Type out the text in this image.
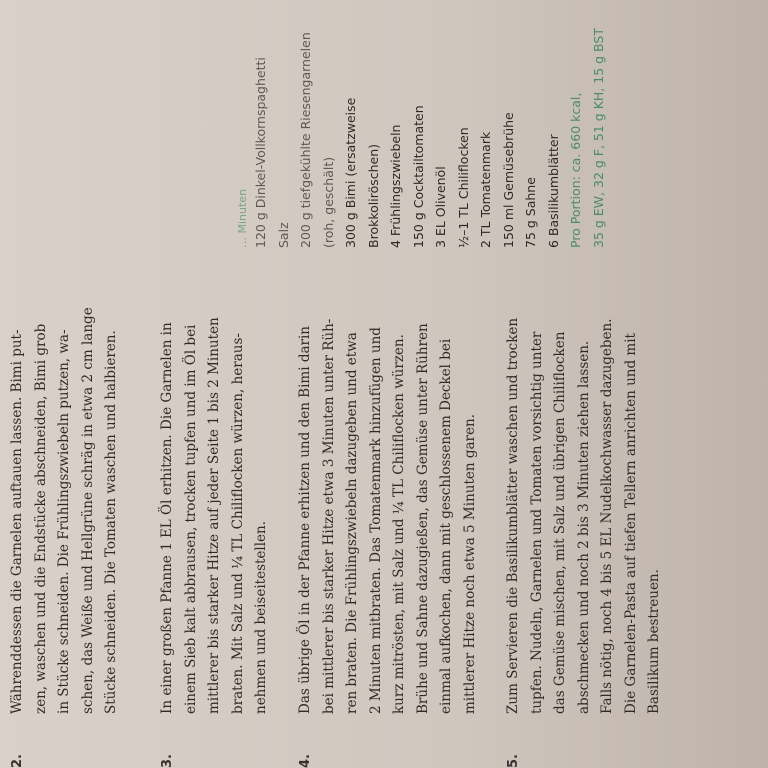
2.
Währenddessen die Garnelen auftauen lassen. Bimi put-
zen, waschen und die Endstücke abschneiden, Bimi grob
in Stücke schneiden. Die Frühlingszwiebeln putzen, wa-
schen, das Weiße und Hellgrüne schräg in etwa 2 cm lange
Stücke schneiden. Die Tomaten waschen und halbieren.
3.
In einer großen Pfanne 1 EL Öl erhitzen. Die Garnelen in
einem Sieb kalt abbrausen, trocken tupfen und im Öl bei
mittlerer bis starker Hitze auf jeder Seite 1 bis 2 Minuten
braten. Mit Salz und ¼ TL Chiliflocken würzen, heraus-
nehmen und beiseitestellen.
4.
Das übrige Öl in der Pfanne erhitzen und den Bimi darin
bei mittlerer bis starker Hitze etwa 3 Minuten unter Rüh-
ren braten. Die Frühlingszwiebeln dazugeben und etwa
2 Minuten mitbraten. Das Tomatenmark hinzufügen und
kurz mitrösten, mit Salz und ¼ TL Chiliflocken würzen.
Brühe und Sahne dazugießen, das Gemüse unter Rühren
einmal aufkochen, dann mit geschlossenem Deckel bei
mittlerer Hitze noch etwa 5 Minuten garen.
5.
Zum Servieren die Basilikumblätter waschen und trocken
tupfen. Nudeln, Garnelen und Tomaten vorsichtig unter
das Gemüse mischen, mit Salz und übrigen Chiliflocken
abschmecken und noch 2 bis 3 Minuten ziehen lassen.
Falls nötig, noch 4 bis 5 EL Nudelkochwasser dazugeben.
Die Garnelen-Pasta auf tiefen Tellern anrichten und mit
Basilikum bestreuen.
… Minuten 120 g Dinkel-Vollkornspaghetti Salz 200 g tiefgekühlte Riesengarnelen (roh, geschält) 300 g Bimi (ersatzweise Brokkoliröschen) 4 Frühlingszwiebeln 150 g Cocktailtomaten 3 EL Olivenöl ½–1 TL Chiliflocken 2 TL Tomatenmark 150 ml Gemüsebrühe 75 g Sahne 6 Basilikumblätter Pro Portion: ca. 660 kcal, 35 g EW, 32 g F, 51 g KH, 15 g BST
